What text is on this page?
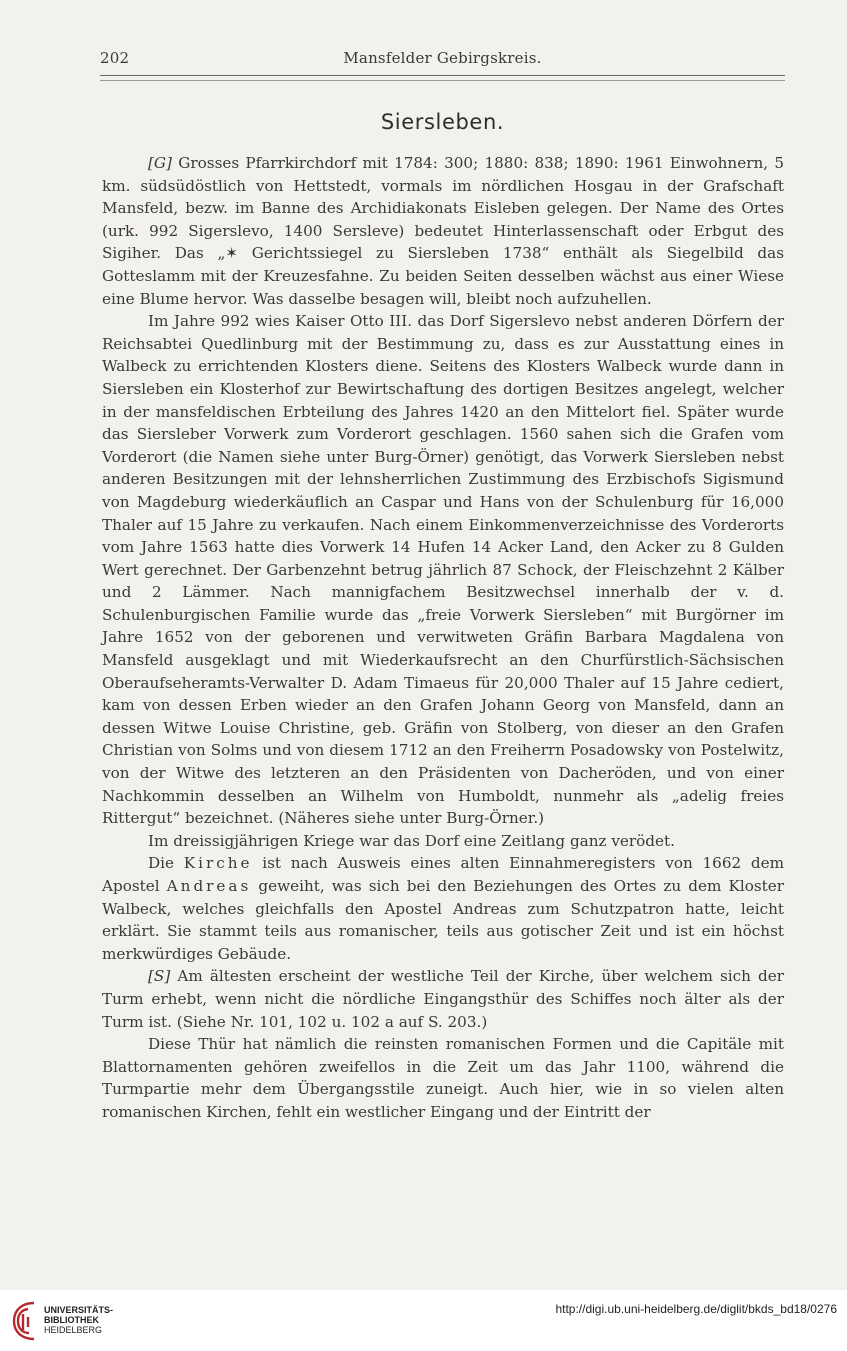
202	Mansfelder Gebirgskreis.
Siersleben.

[G] Grosses Pfarrkirchdorf mit 1784: 300; 1880: 838; 1890: 1961 Einwohnern, 5 km. südsüdöstlich von Hettstedt, vormals im nördlichen Hosgau in der Grafschaft Mansfeld, bezw. im Banne des Archidiakonats Eisleben gelegen. Der Name des Ortes (urk. 992 Sigerslevo, 1400 Sersleve) bedeutet Hinterlassenschaft oder Erbgut des Sigiher. Das „✶ Gerichtssiegel zu Siersleben 1738“ enthält als Siegelbild das Gotteslamm mit der Kreuzesfahne. Zu beiden Seiten desselben wächst aus einer Wiese eine Blume hervor. Was dasselbe besagen will, bleibt noch aufzuhellen.

Im Jahre 992 wies Kaiser Otto III. das Dorf Sigerslevo nebst anderen Dörfern der Reichsabtei Quedlinburg mit der Bestimmung zu, dass es zur Ausstattung eines in Walbeck zu errichtenden Klosters diene. Seitens des Klosters Walbeck wurde dann in Siersleben ein Klosterhof zur Bewirtschaftung des dortigen Besitzes angelegt, welcher in der mansfeldischen Erbteilung des Jahres 1420 an den Mittelort fiel. Später wurde das Siersleber Vorwerk zum Vorderort geschlagen. 1560 sahen sich die Grafen vom Vorderort (die Namen siehe unter Burg-Örner) genötigt, das Vorwerk Siersleben nebst anderen Besitzungen mit der lehnsherrlichen Zustimmung des Erzbischofs Sigismund von Magdeburg wiederkäuflich an Caspar und Hans von der Schulenburg für 16,000 Thaler auf 15 Jahre zu verkaufen. Nach einem Einkommenverzeichnisse des Vorderorts vom Jahre 1563 hatte dies Vorwerk 14 Hufen 14 Acker Land, den Acker zu 8 Gulden Wert gerechnet. Der Garbenzehnt betrug jährlich 87 Schock, der Fleischzehnt 2 Kälber und 2 Lämmer. Nach mannigfachem Besitzwechsel innerhalb der v. d. Schulenburgischen Familie wurde das „freie Vorwerk Siersleben“ mit Burgörner im Jahre 1652 von der geborenen und verwitweten Gräfin Barbara Magdalena von Mansfeld ausgeklagt und mit Wiederkaufsrecht an den Churfürstlich-Sächsischen Oberaufseheramts-Verwalter D. Adam Timaeus für 20,000 Thaler auf 15 Jahre cediert, kam von dessen Erben wieder an den Grafen Johann Georg von Mansfeld, dann an dessen Witwe Louise Christine, geb. Gräfin von Stolberg, von dieser an den Grafen Christian von Solms und von diesem 1712 an den Freiherrn Posadowsky von Postelwitz, von der Witwe des letzteren an den Präsidenten von Dacheröden, und von einer Nachkommin desselben an Wilhelm von Humboldt, nunmehr als „adelig freies Rittergut“ bezeichnet. (Näheres siehe unter Burg-Örner.)

Im dreissigjährigen Kriege war das Dorf eine Zeitlang ganz verödet.

Die Kirche ist nach Ausweis eines alten Einnahmeregisters von 1662 dem Apostel Andreas geweiht, was sich bei den Beziehungen des Ortes zu dem Kloster Walbeck, welches gleichfalls den Apostel Andreas zum Schutzpatron hatte, leicht erklärt. Sie stammt teils aus romanischer, teils aus gotischer Zeit und ist ein höchst merkwürdiges Gebäude.

[S] Am ältesten erscheint der westliche Teil der Kirche, über welchem sich der Turm erhebt, wenn nicht die nördliche Eingangsthür des Schiffes noch älter als der Turm ist. (Siehe Nr. 101, 102 u. 102 a auf S. 203.)

Diese Thür hat nämlich die reinsten romanischen Formen und die Capitäle mit Blattornamenten gehören zweifellos in die Zeit um das Jahr 1100, während die Turmpartie mehr dem Übergangsstile zuneigt. Auch hier, wie in so vielen alten romanischen Kirchen, fehlt ein westlicher Eingang und der Eintritt der

UNIVERSITÄTS-
BIBLIOTHEK
HEIDELBERG
http://digi.ub.uni-heidelberg.de/diglit/bkds_bd18/0276
